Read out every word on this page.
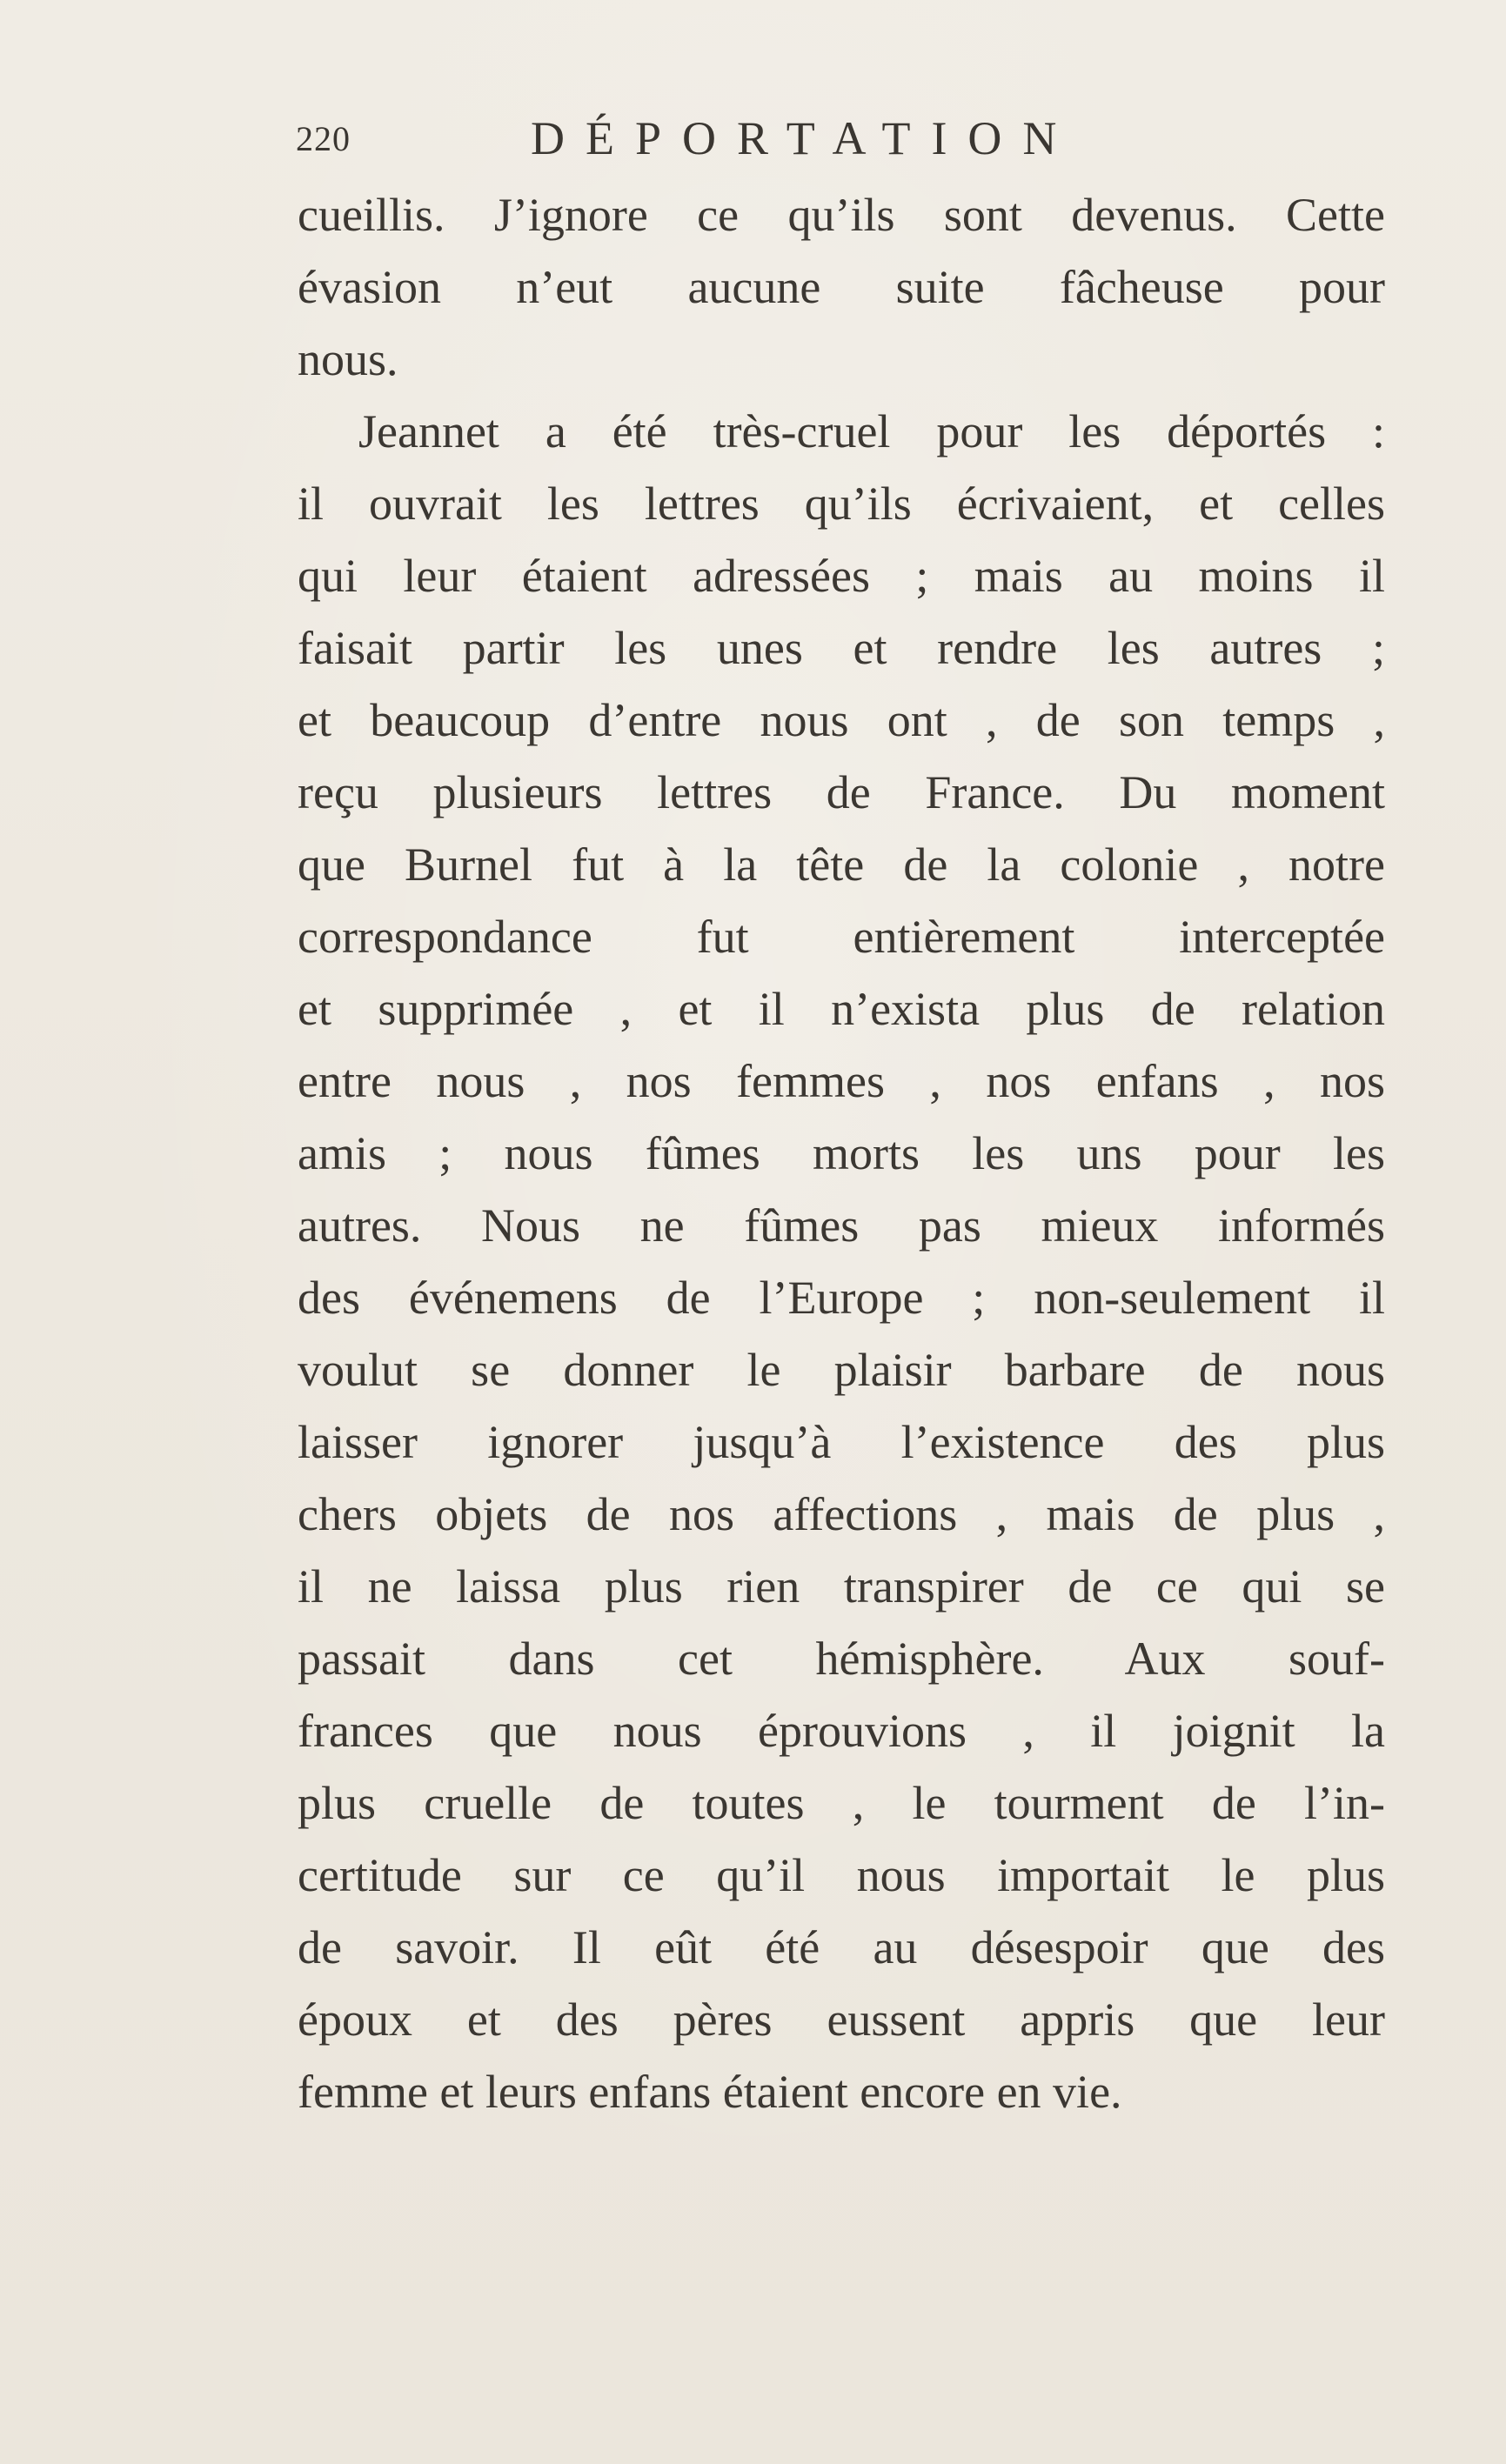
220	DÉPORTATION
cueillis. J’ignore ce qu’ils sont devenus. Cette
évasion n’eut aucune suite fâcheuse pour
nous.
Jeannet a été très-cruel pour les déportés :
il ouvrait les lettres qu’ils écrivaient, et celles
qui leur étaient adressées ; mais au moins il
faisait partir les unes et rendre les autres ;
et beaucoup d’entre nous ont , de son temps ,
reçu plusieurs lettres de France. Du moment
que Burnel fut à la tête de la colonie , notre
correspondance fut entièrement interceptée
et supprimée , et il n’exista plus de relation
entre nous , nos femmes , nos enfans , nos
amis ; nous fûmes morts les uns pour les
autres. Nous ne fûmes pas mieux informés
des événemens de l’Europe ; non-seulement il
voulut se donner le plaisir barbare de nous
laisser ignorer jusqu’à l’existence des plus
chers objets de nos affections , mais de plus ,
il ne laissa plus rien transpirer de ce qui se
passait dans cet hémisphère. Aux souf-
frances que nous éprouvions , il joignit la
plus cruelle de toutes , le tourment de l’in-
certitude sur ce qu’il nous importait le plus
de savoir. Il eût été au désespoir que des
époux et des pères eussent appris que leur
femme et leurs enfans étaient encore en vie.
